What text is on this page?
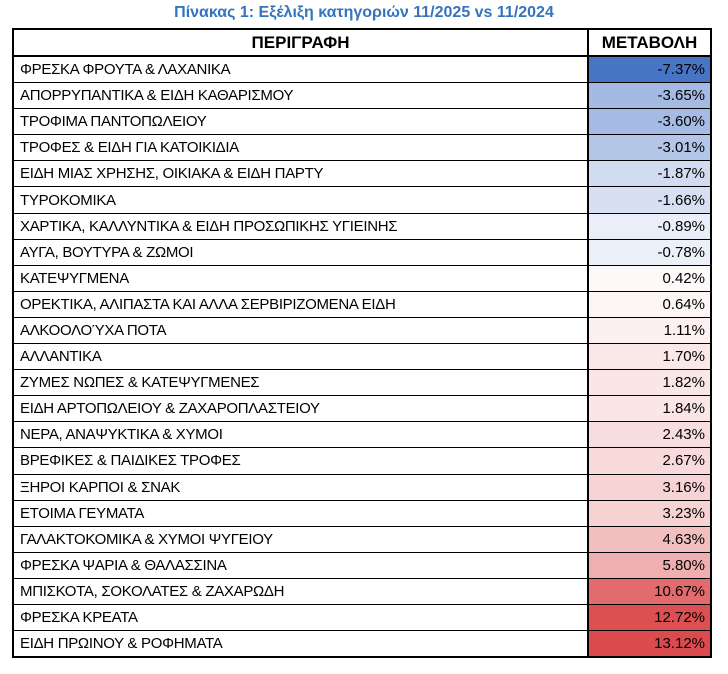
Πίνακας 1: Εξέλιξη κατηγοριών 11/2025 vs 11/2024
ΠΕΡΙΓΡΑΦΗ	ΜΕΤΑΒΟΛΗ
ΦΡΕΣΚΑ ΦΡΟΥΤΑ & ΛΑΧΑΝΙΚΑ	-7.37%
ΑΠΟΡΡΥΠΑΝΤΙΚΑ & ΕΙΔΗ ΚΑΘΑΡΙΣΜΟΥ	-3.65%
ΤΡΟΦΙΜΑ ΠΑΝΤΟΠΩΛΕΙΟΥ	-3.60%
ΤΡΟΦΕΣ & ΕΙΔΗ ΓΙΑ ΚΑΤΟΙΚΙΔΙΑ	-3.01%
ΕΙΔΗ ΜΙΑΣ ΧΡΗΣΗΣ, ΟΙΚΙΑΚΑ & ΕΙΔΗ ΠΑΡΤΥ	-1.87%
ΤΥΡΟΚΟΜΙΚΑ	-1.66%
ΧΑΡΤΙΚΑ, ΚΑΛΛΥΝΤΙΚΑ & ΕΙΔΗ ΠΡΟΣΩΠΙΚΗΣ ΥΓΙΕΙΝΗΣ	-0.89%
ΑΥΓΑ, ΒΟΥΤΥΡΑ & ΖΩΜΟΙ	-0.78%
ΚΑΤΕΨΥΓΜΕΝΑ	0.42%
ΟΡΕΚΤΙΚΑ, ΑΛΙΠΑΣΤΑ ΚΑΙ ΑΛΛΑ ΣΕΡΒΙΡΙΖΟΜΕΝΑ ΕΙΔΗ	0.64%
ΑΛΚΟΟΛΟΎΧΑ ΠΟΤΑ	1.11%
ΑΛΛΑΝΤΙΚΑ	1.70%
ΖΥΜΕΣ ΝΩΠΕΣ & ΚΑΤΕΨΥΓΜΕΝΕΣ	1.82%
ΕΙΔΗ ΑΡΤΟΠΩΛΕΙΟΥ & ΖΑΧΑΡΟΠΛΑΣΤΕΙΟΥ	1.84%
ΝΕΡΑ, ΑΝΑΨΥΚΤΙΚΑ & ΧΥΜΟΙ	2.43%
ΒΡΕΦΙΚΕΣ & ΠΑΙΔΙΚΕΣ ΤΡΟΦΕΣ	2.67%
ΞΗΡΟΙ ΚΑΡΠΟΙ & ΣΝΑΚ	3.16%
ΕΤΟΙΜΑ ΓΕΥΜΑΤΑ	3.23%
ΓΑΛΑΚΤΟΚΟΜΙΚΑ & ΧΥΜΟΙ ΨΥΓΕΙΟΥ	4.63%
ΦΡΕΣΚΑ ΨΑΡΙΑ & ΘΑΛΑΣΣΙΝΑ	5.80%
ΜΠΙΣΚΟΤΑ, ΣΟΚΟΛΑΤΕΣ & ΖΑΧΑΡΩΔΗ	10.67%
ΦΡΕΣΚΑ ΚΡΕΑΤΑ	12.72%
ΕΙΔΗ ΠΡΩΙΝΟΥ & ΡΟΦΗΜΑΤΑ	13.12%
